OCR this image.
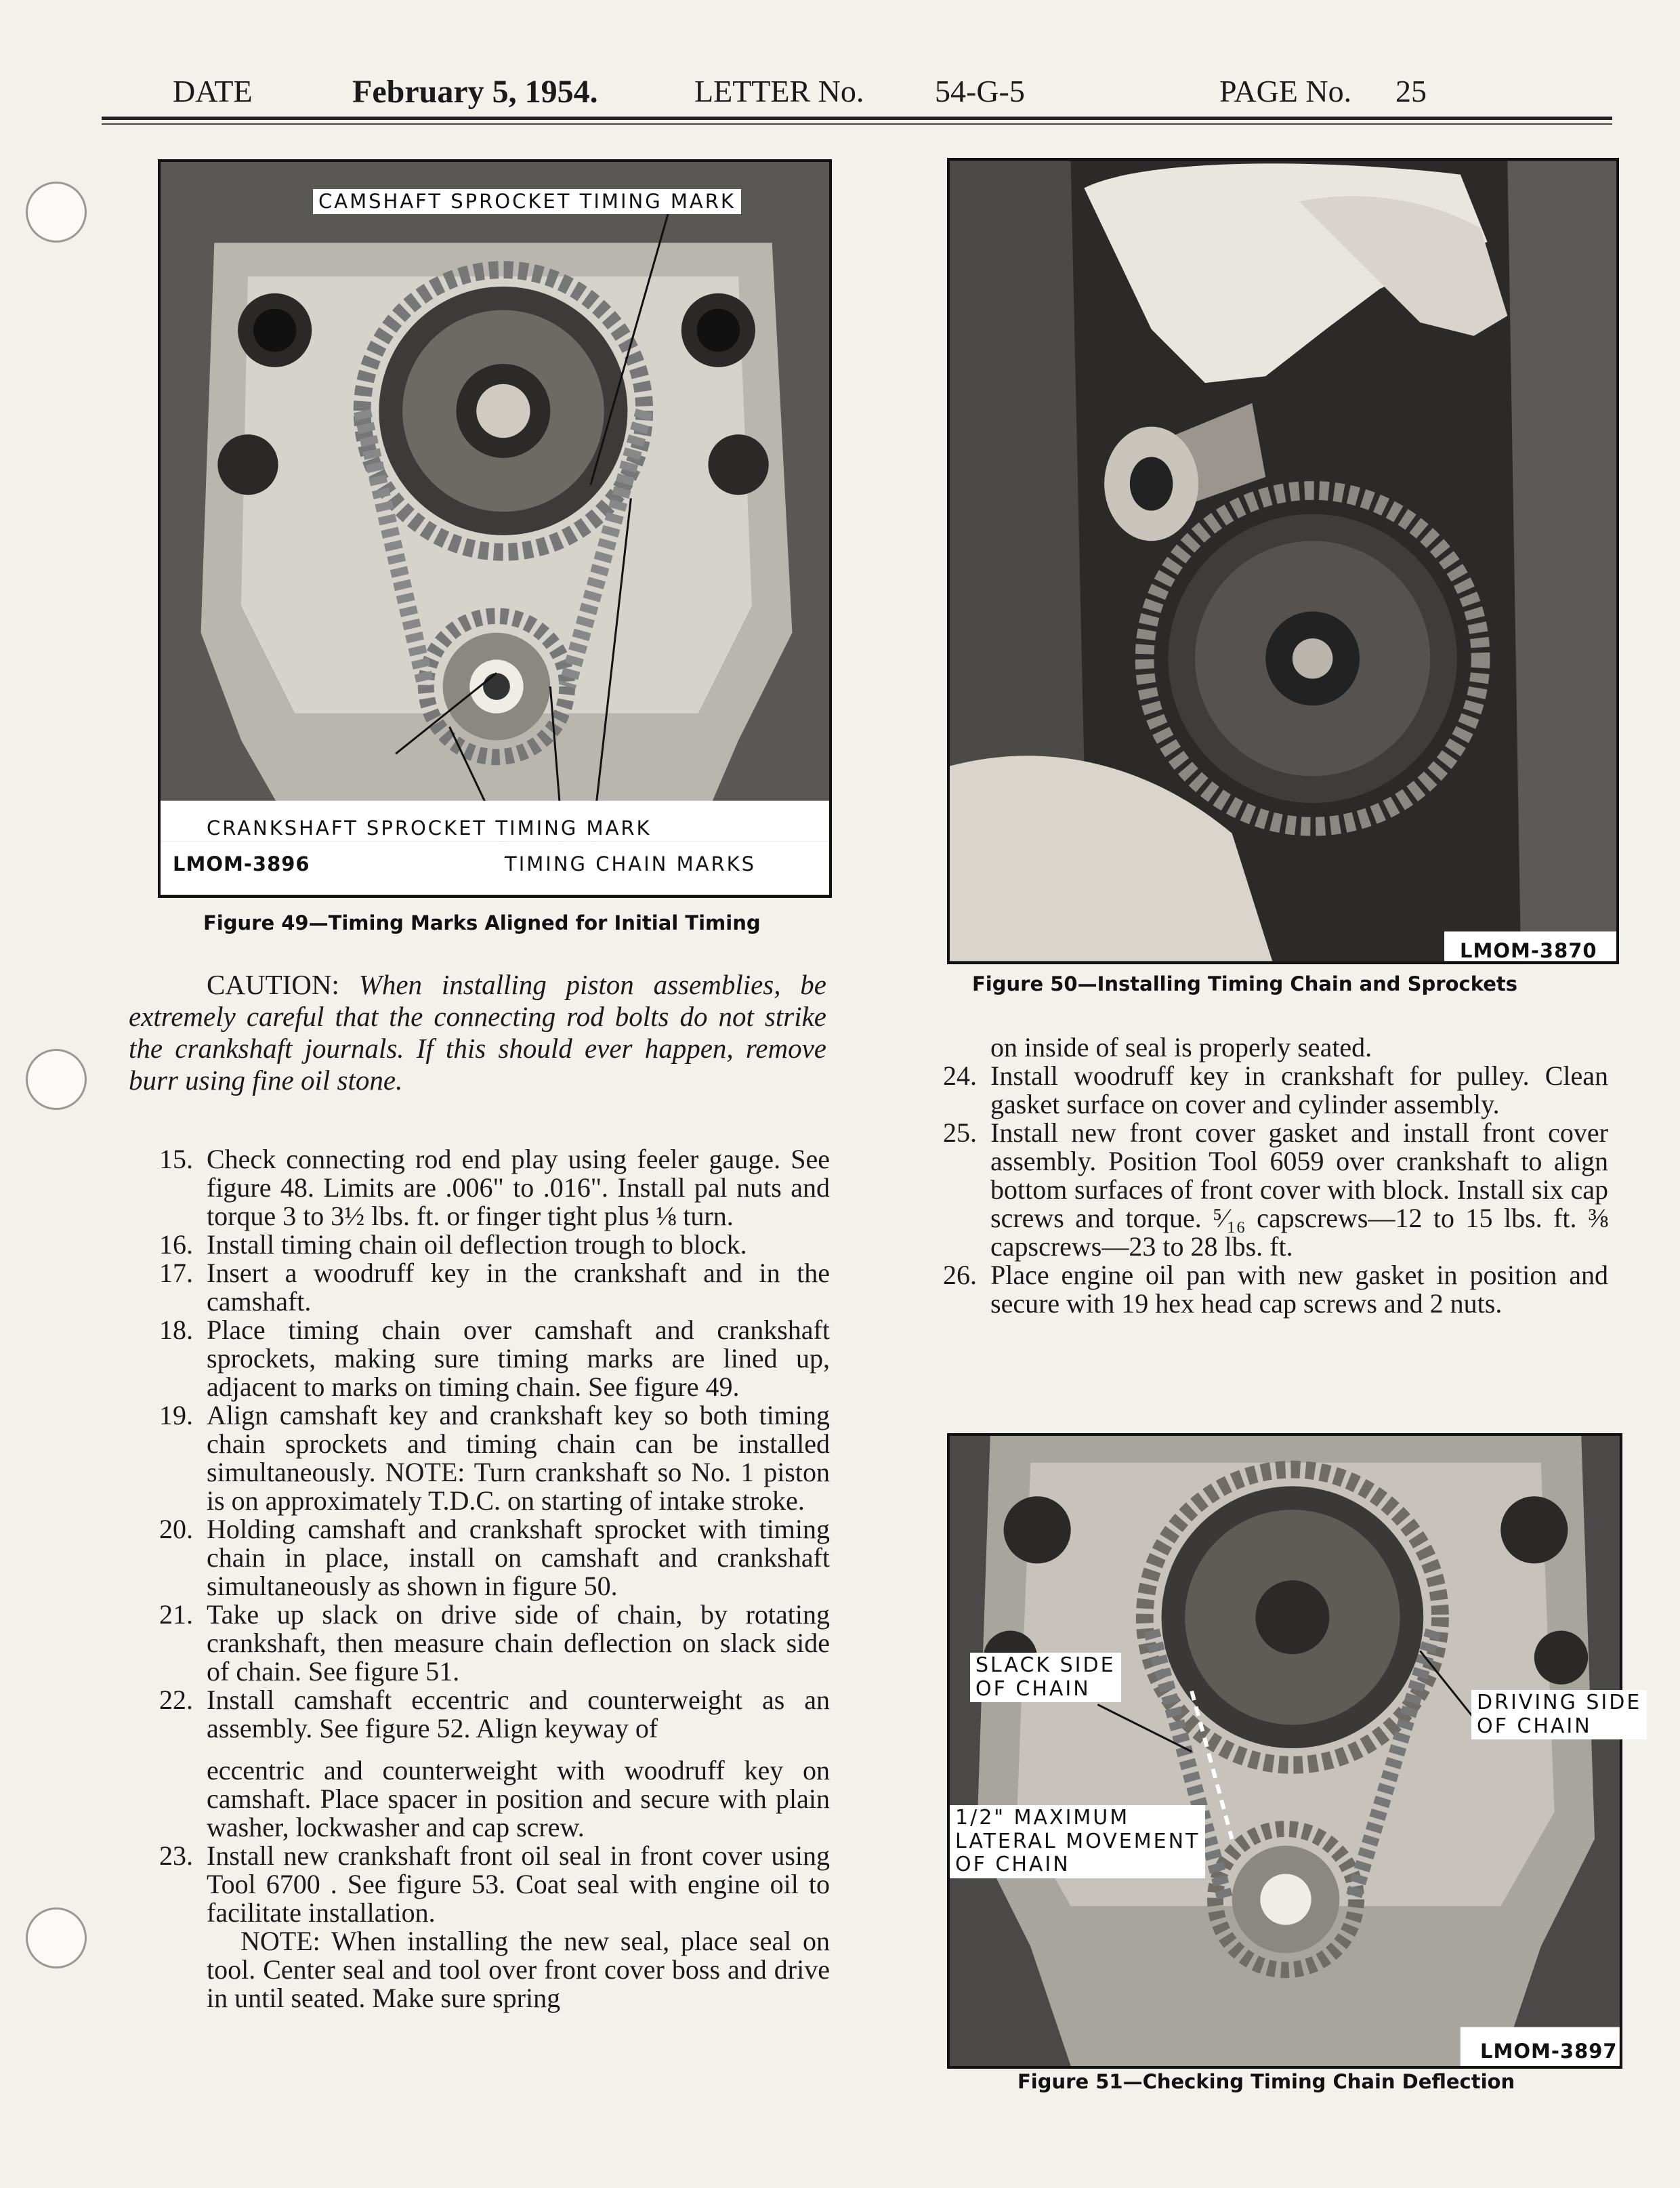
DATE	February 5, 1954.	LETTER No. 54-G-5	PAGE No. 25
CAMSHAFT SPROCKET TIMING MARK
CRANKSHAFT SPROCKET TIMING MARK
LMOM-3896	TIMING CHAIN MARKS
Figure 49—Timing Marks Aligned for Initial Timing
CAUTION: When installing piston assemblies, be extremely careful that the connecting rod bolts do not strike the crankshaft journals. If this should ever happen, remove burr using fine oil stone.
15. Check connecting rod end play using feeler gauge. See figure 48. Limits are .006" to .016". Install pal nuts and torque 3 to 3½ lbs. ft. or finger tight plus ⅛ turn.
16. Install timing chain oil deflection trough to block.
17. Insert a woodruff key in the crankshaft and in the camshaft.
18. Place timing chain over camshaft and crankshaft sprockets, making sure timing marks are lined up, adjacent to marks on timing chain. See figure 49.
19. Align camshaft key and crankshaft key so both timing chain sprockets and timing chain can be installed simultaneously. NOTE: Turn crankshaft so No. 1 piston is on approximately T.D.C. on starting of intake stroke.
20. Holding camshaft and crankshaft sprocket with timing chain in place, install on camshaft and crankshaft simultaneously as shown in figure 50.
21. Take up slack on drive side of chain, by rotating crankshaft, then measure chain deflection on slack side of chain. See figure 51.
22. Install camshaft eccentric and counterweight as an assembly. See figure 52. Align keyway of
eccentric and counterweight with woodruff key on camshaft. Place spacer in position and secure with plain washer, lockwasher and cap screw.
23. Install new crankshaft front oil seal in front cover using Tool 6700 . See figure 53. Coat seal with engine oil to facilitate installation.
NOTE: When installing the new seal, place seal on tool. Center seal and tool over front cover boss and drive in until seated. Make sure spring
LMOM-3870
Figure 50—Installing Timing Chain and Sprockets
on inside of seal is properly seated.
24. Install woodruff key in crankshaft for pulley. Clean gasket surface on cover and cylinder assembly.
25. Install new front cover gasket and install front cover assembly. Position Tool 6059 over crankshaft to align bottom surfaces of front cover with block. Install six cap screws and torque. ⁵⁄₁₆ capscrews—12 to 15 lbs. ft. ⅜ capscrews—23 to 28 lbs. ft.
26. Place engine oil pan with new gasket in position and secure with 19 hex head cap screws and 2 nuts.
SLACK SIDE
OF CHAIN
DRIVING SIDE
OF CHAIN
1/2" MAXIMUM
LATERAL MOVEMENT
OF CHAIN
LMOM-3897
Figure 51—Checking Timing Chain Deflection
